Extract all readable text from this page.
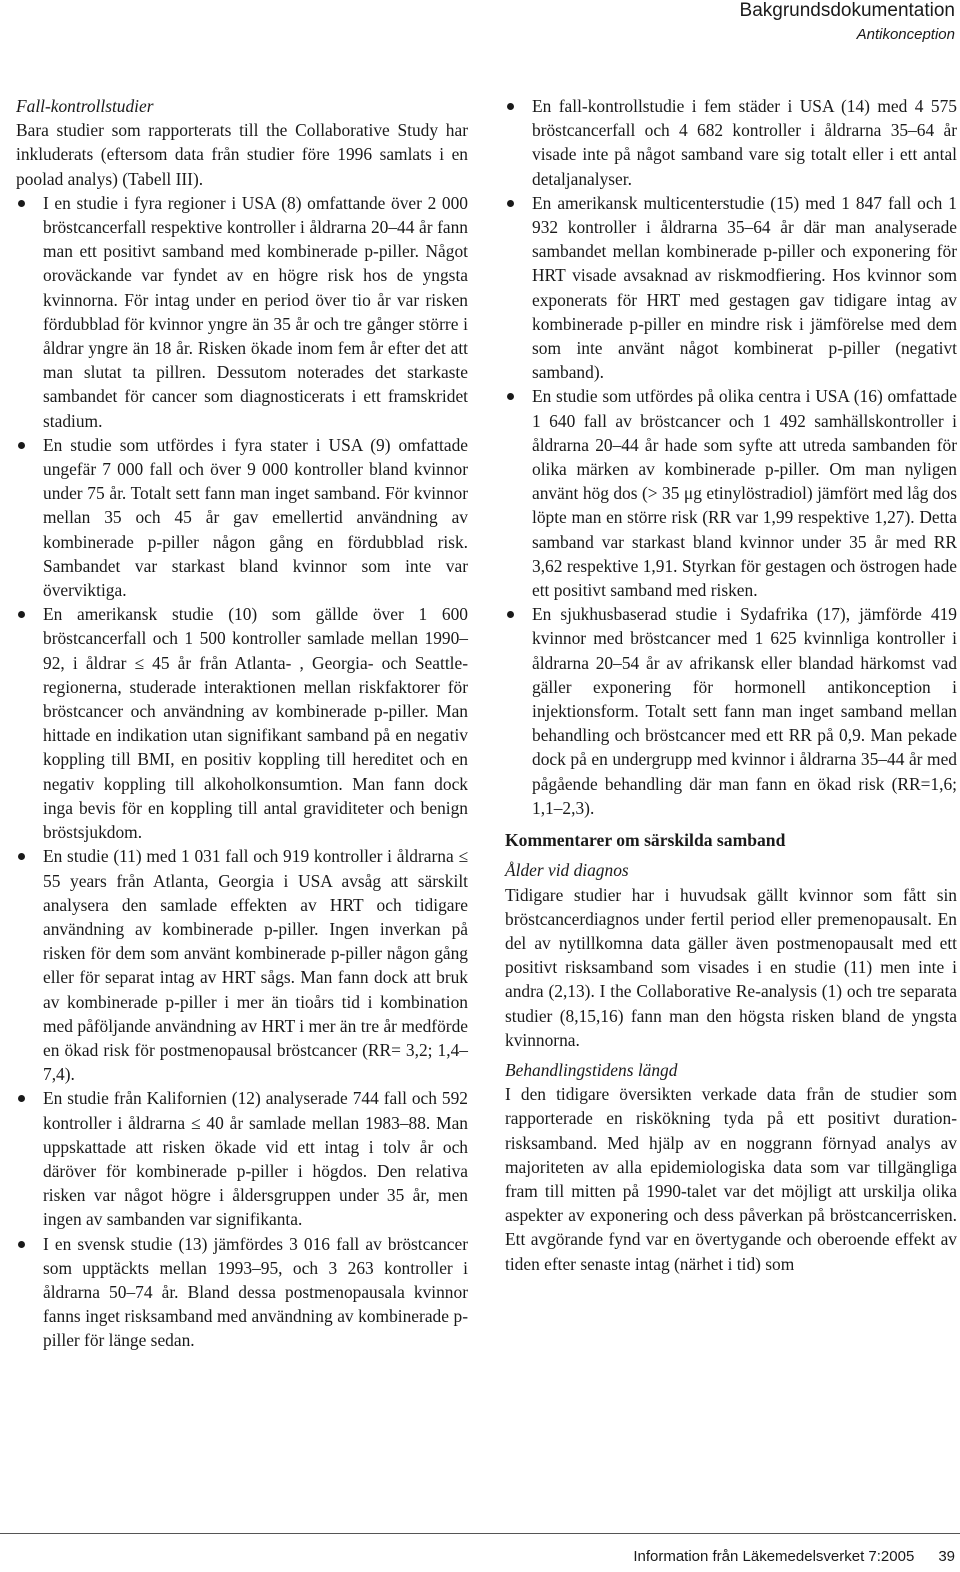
Bakgrundsdokumentation
Antikonception

Fall-kontrollstudier

Bara studier som rapporterats till the Collaborative Study har inkluderats (eftersom data från studier före 1996 samlats i en poolad analys) (Tabell III).

I en studie i fyra regioner i USA (8) omfattande över 2 000 bröstcancerfall respektive kontroller i åldrarna 20–44 år fann man ett positivt samband med kombinerade p-piller. Något oroväckande var fyndet av en högre risk hos de yngsta kvinnorna. För intag under en period över tio år var risken fördubblad för kvinnor yngre än 35 år och tre gånger större i åldrar yngre än 18 år. Risken ökade inom fem år efter det att man slutat ta pillren. Dessutom noterades det starkaste sambandet för cancer som diagnosticerats i ett framskridet stadium.
En studie som utfördes i fyra stater i USA (9) omfattade ungefär 7 000 fall och över 9 000 kontroller bland kvinnor under 75 år. Totalt sett fann man inget samband. För kvinnor mellan 35 och 45 år gav emellertid användning av kombinerade p-piller någon gång en fördubblad risk. Sambandet var starkast bland kvinnor som inte var överviktiga.
En amerikansk studie (10) som gällde över 1 600 bröstcancerfall och 1 500 kontroller samlade mellan 1990–92, i åldrar ≤ 45 år från Atlanta- , Georgia- och Seattle-regionerna, studerade interaktionen mellan riskfaktorer för bröstcancer och användning av kombinerade p-piller. Man hittade en indikation utan signifikant samband på en negativ koppling till BMI, en positiv koppling till hereditet och en negativ koppling till alkoholkonsumtion. Man fann dock inga bevis för en koppling till antal graviditeter och benign bröstsjukdom.
En studie (11) med 1 031 fall och 919 kontroller i åldrarna ≤ 55 years från Atlanta, Georgia i USA avsåg att särskilt analysera den samlade effekten av HRT och tidigare användning av kombinerade p-piller. Ingen inverkan på risken för dem som använt kombinerade p-piller någon gång eller för separat intag av HRT sågs. Man fann dock att bruk av kombinerade p-piller i mer än tioårs tid i kombination med påföljande användning av HRT i mer än tre år medförde en ökad risk för postmenopausal bröstcancer (RR= 3,2; 1,4–7,4).
En studie från Kalifornien (12) analyserade 744 fall och 592 kontroller i åldrarna ≤ 40 år samlade mellan 1983–88. Man uppskattade att risken ökade vid ett intag i tolv år och däröver för kombinerade p-piller i högdos. Den relativa risken var något högre i åldersgruppen under 35 år, men ingen av sambanden var signifikanta.
I en svensk studie (13) jämfördes 3 016 fall av bröstcancer som upptäckts mellan 1993–95, och 3 263 kontroller i åldrarna 50–74 år. Bland dessa postmenopausala kvinnor fanns inget risksamband med användning av kombinerade p-piller för länge sedan.
En fall-kontrollstudie i fem städer i USA (14) med 4 575 bröstcancerfall och 4 682 kontroller i åldrarna 35–64 år visade inte på något samband vare sig totalt eller i ett antal detaljanalyser.
En amerikansk multicenterstudie (15) med 1 847 fall och 1 932 kontroller i åldrarna 35–64 år där man analyserade sambandet mellan kombinerade p-piller och exponering för HRT visade avsaknad av riskmodfiering. Hos kvinnor som exponerats för HRT med gestagen gav tidigare intag av kombinerade p-piller en mindre risk i jämförelse med dem som inte använt något kombinerat p-piller (negativt samband).
En studie som utfördes på olika centra i USA (16) omfattade 1 640 fall av bröstcancer och 1 492 samhällskontroller i åldrarna 20–44 år hade som syfte att utreda sambanden för olika märken av kombinerade p-piller. Om man nyligen använt hög dos (> 35 μg etinylöstradiol) jämfört med låg dos löpte man en större risk (RR var 1,99 respektive 1,27). Detta samband var starkast bland kvinnor under 35 år med RR 3,62 respektive 1,91. Styrkan för gestagen och östrogen hade ett positivt samband med risken.
En sjukhusbaserad studie i Sydafrika (17), jämförde 419 kvinnor med bröstcancer med 1 625 kvinnliga kontroller i åldrarna 20–54 år av afrikansk eller blandad härkomst vad gäller exponering för hormonell antikonception i injektionsform. Totalt sett fann man inget samband mellan behandling och bröstcancer med ett RR på 0,9. Man pekade dock på en undergrupp med kvinnor i åldrarna 35–44 år med pågående behandling där man fann en ökad risk (RR=1,6; 1,1–2,3).

Kommentarer om särskilda samband

Ålder vid diagnos

Tidigare studier har i huvudsak gällt kvinnor som fått sin bröstcancerdiagnos under fertil period eller premenopausalt. En del av nytillkomna data gäller även postmenopausalt med ett positivt risksamband som visades i en studie (11) men inte i andra (2,13). I the Collaborative Re-analysis (1) och tre separata studier (8,15,16) fann man den högsta risken bland de yngsta kvinnorna.

Behandlingstidens längd

I den tidigare översikten verkade data från de studier som rapporterade en riskökning tyda på ett positivt duration-risksamband. Med hjälp av en noggrann förnyad analys av majoriteten av alla epidemiologiska data som var tillgängliga fram till mitten på 1990-talet var det möjligt att urskilja olika aspekter av exponering och dess påverkan på bröstcancerrisken. Ett avgörande fynd var en övertygande och oberoende effekt av tiden efter senaste intag (närhet i tid) som

Information från Läkemedelsverket 7:2005 39
